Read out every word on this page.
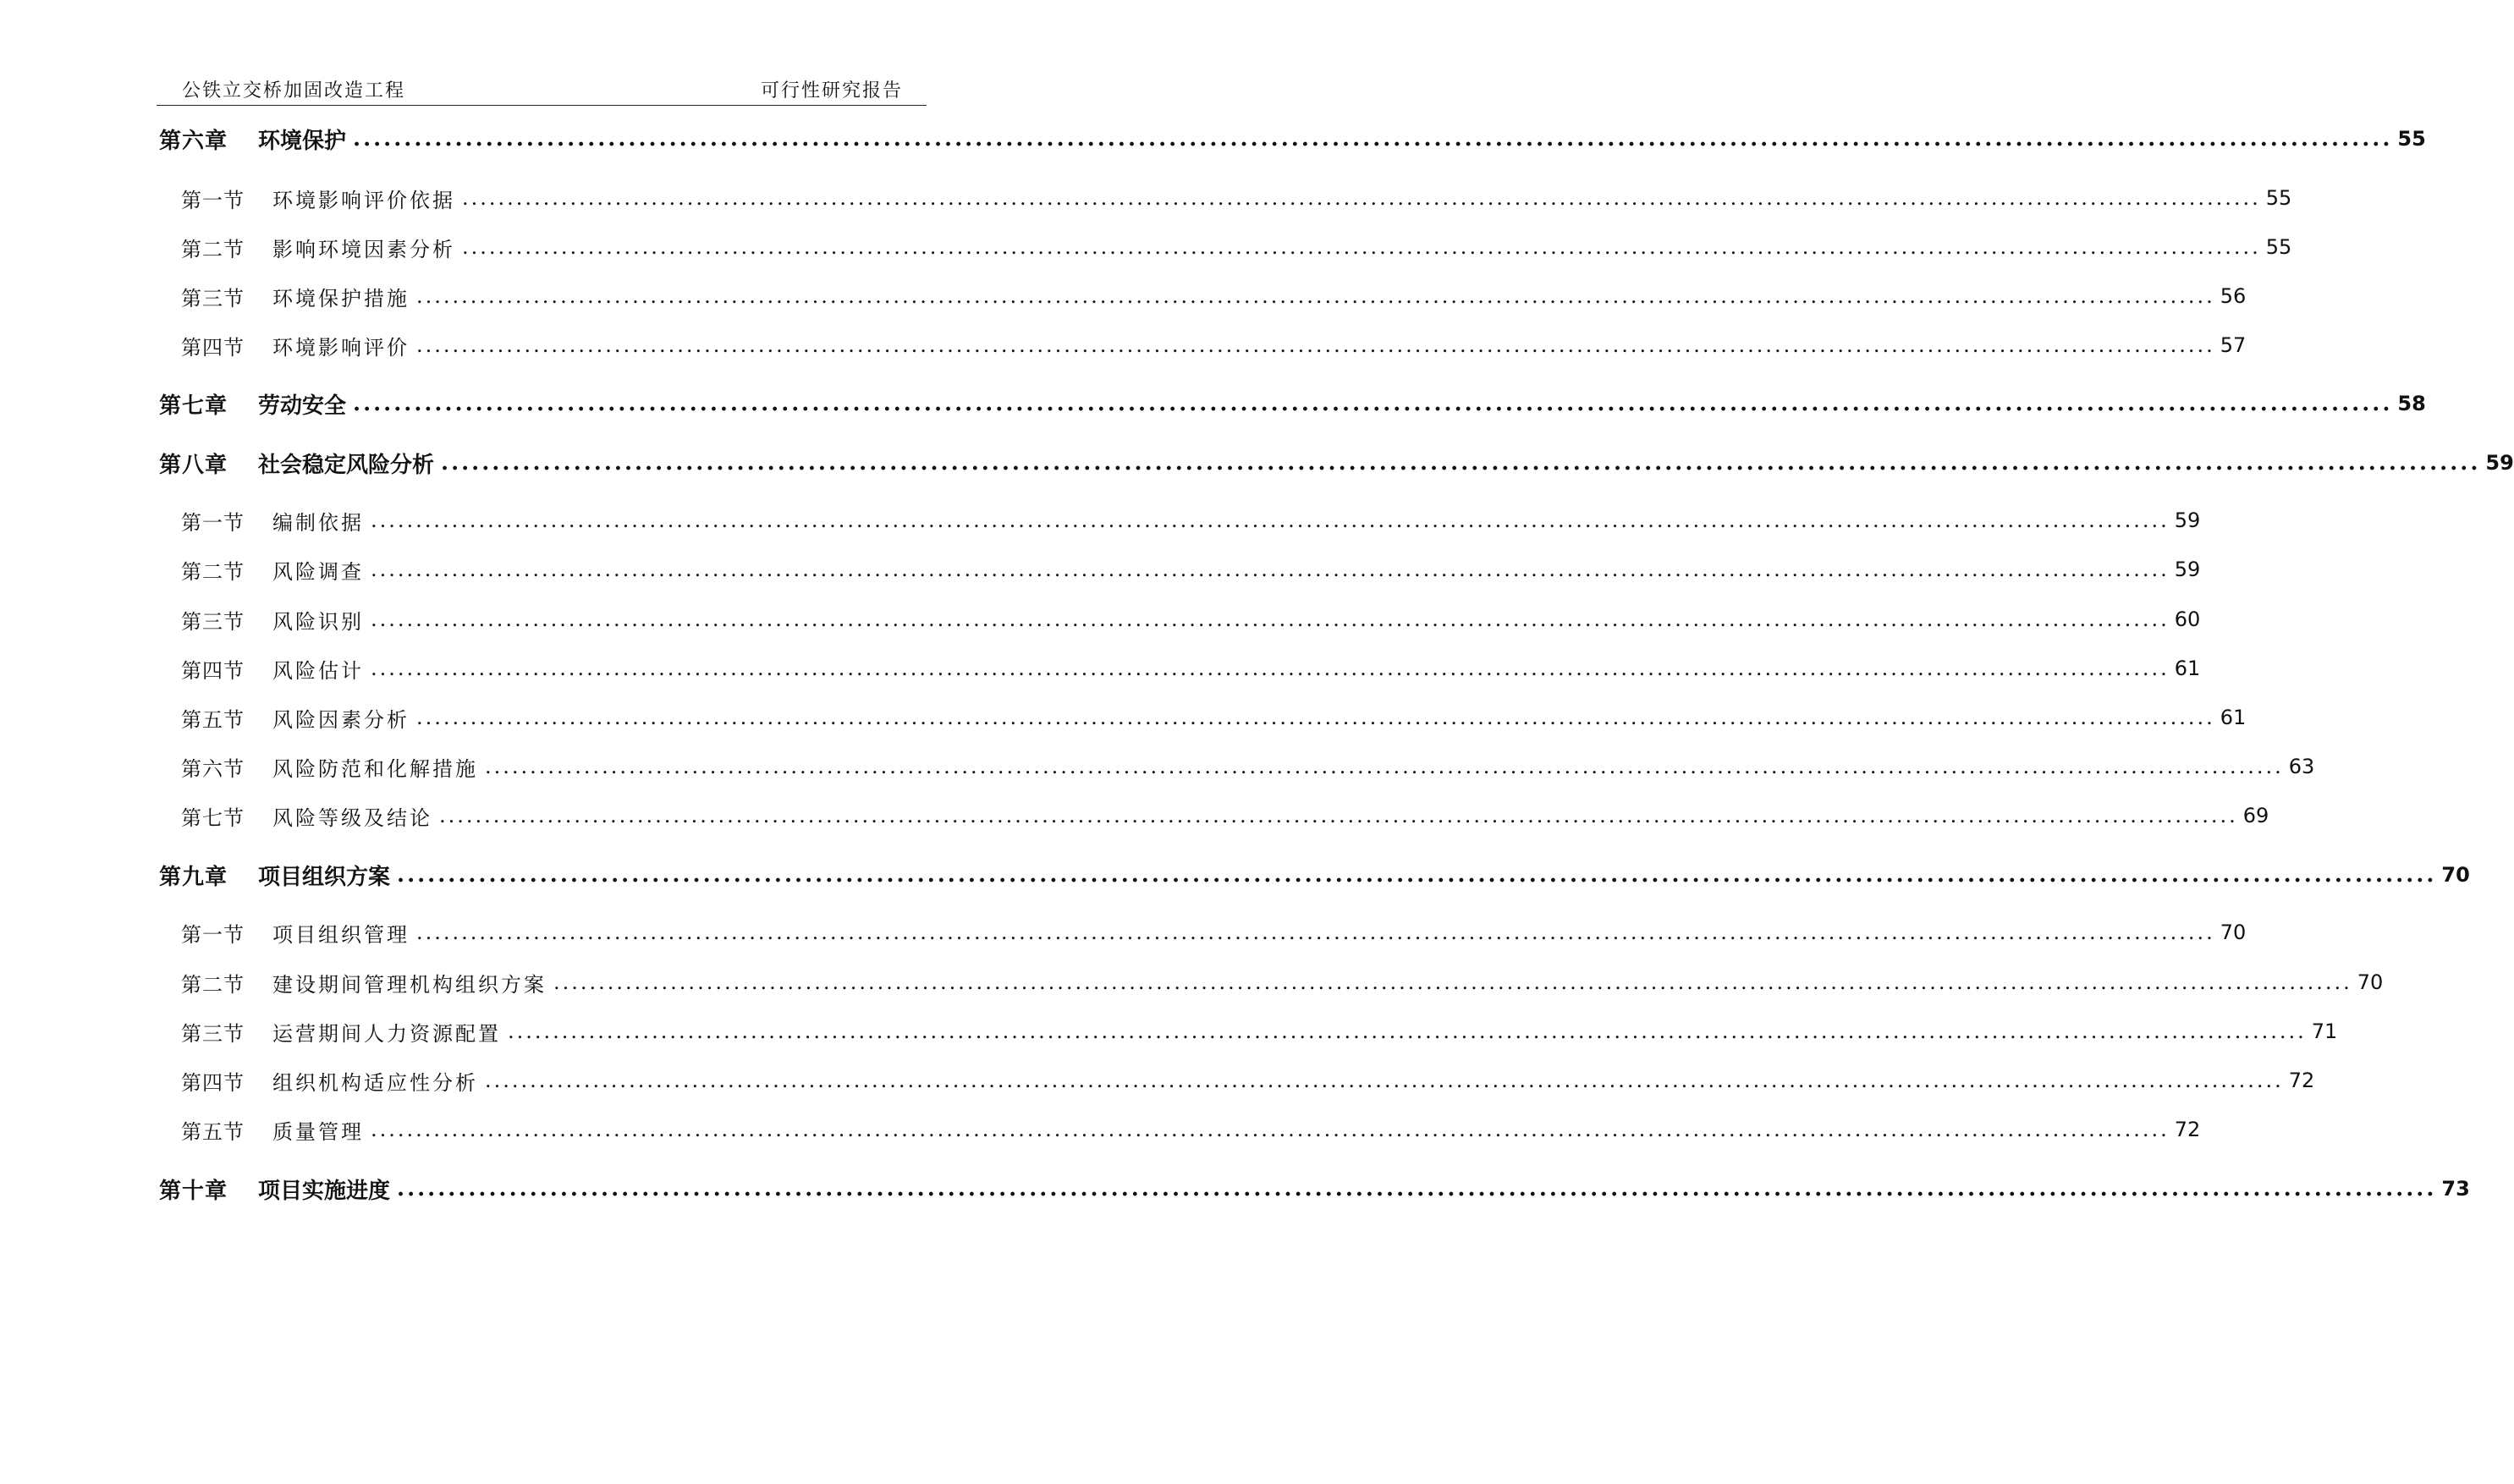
公铁立交桥加固改造工程	可行性研究报告
第六章	环境保护 ........................................................................................................................................................................................................ 55
第一节	环境影响评价依据 ........................................................................................................................................................................................................ 55
第二节	影响环境因素分析 ........................................................................................................................................................................................................ 55
第三节	环境保护措施 ........................................................................................................................................................................................................ 56
第四节	环境影响评价 ........................................................................................................................................................................................................ 57
第七章	劳动安全 ........................................................................................................................................................................................................ 58
第八章	社会稳定风险分析 ........................................................................................................................................................................................................ 59
第一节	编制依据 ........................................................................................................................................................................................................ 59
第二节	风险调查 ........................................................................................................................................................................................................ 59
第三节	风险识别 ........................................................................................................................................................................................................ 60
第四节	风险估计 ........................................................................................................................................................................................................ 61
第五节	风险因素分析 ........................................................................................................................................................................................................ 61
第六节	风险防范和化解措施 ........................................................................................................................................................................................................ 63
第七节	风险等级及结论 ........................................................................................................................................................................................................ 69
第九章	项目组织方案 ........................................................................................................................................................................................................ 70
第一节	项目组织管理 ........................................................................................................................................................................................................ 70
第二节	建设期间管理机构组织方案 ........................................................................................................................................................................................................ 70
第三节	运营期间人力资源配置 ........................................................................................................................................................................................................ 71
第四节	组织机构适应性分析 ........................................................................................................................................................................................................ 72
第五节	质量管理 ........................................................................................................................................................................................................ 72
第十章	项目实施进度 ........................................................................................................................................................................................................ 73
